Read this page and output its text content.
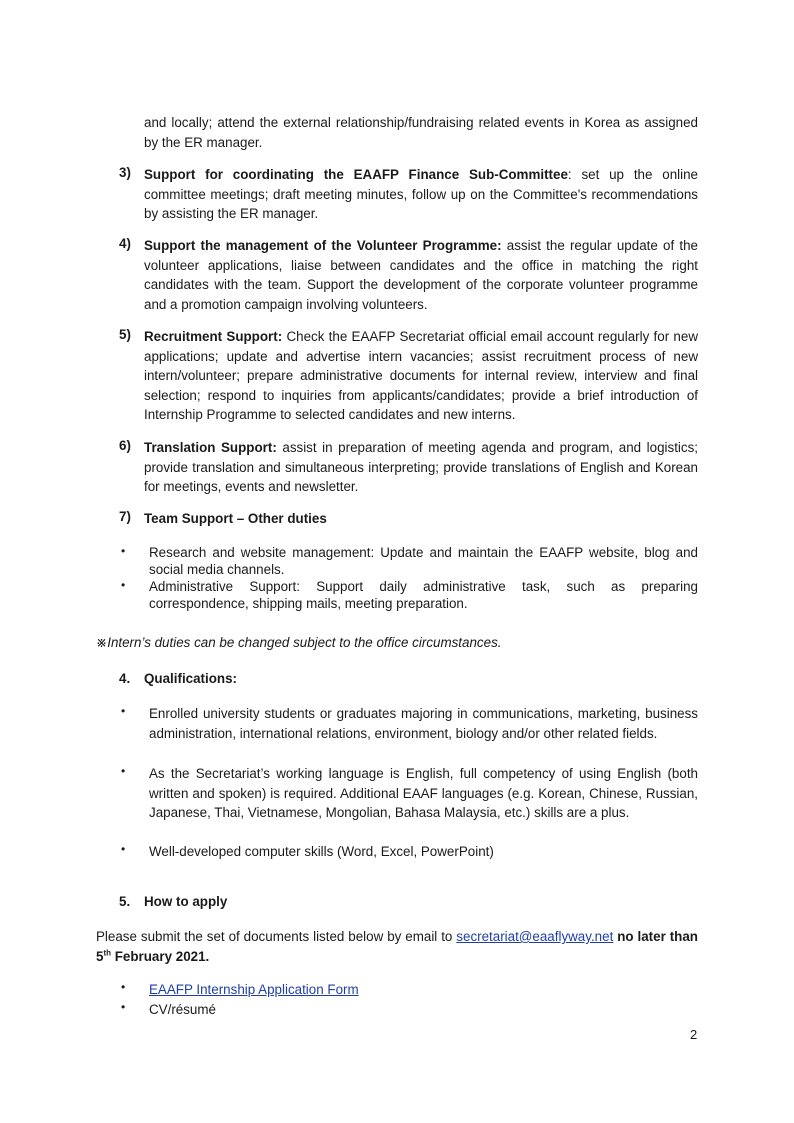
and locally; attend the external relationship/fundraising related events in Korea as assigned by the ER manager.
3) Support for coordinating the EAAFP Finance Sub-Committee: set up the online committee meetings; draft meeting minutes, follow up on the Committee's recommendations by assisting the ER manager.
4) Support the management of the Volunteer Programme: assist the regular update of the volunteer applications, liaise between candidates and the office in matching the right candidates with the team. Support the development of the corporate volunteer programme and a promotion campaign involving volunteers.
5) Recruitment Support: Check the EAAFP Secretariat official email account regularly for new applications; update and advertise intern vacancies; assist recruitment process of new intern/volunteer; prepare administrative documents for internal review, interview and final selection; respond to inquiries from applicants/candidates; provide a brief introduction of Internship Programme to selected candidates and new interns.
6) Translation Support: assist in preparation of meeting agenda and program, and logistics; provide translation and simultaneous interpreting; provide translations of English and Korean for meetings, events and newsletter.
7) Team Support – Other duties
• Research and website management: Update and maintain the EAAFP website, blog and social media channels.
• Administrative Support: Support daily administrative task, such as preparing correspondence, shipping mails, meeting preparation.
※Intern’s duties can be changed subject to the office circumstances.
4. Qualifications:
• Enrolled university students or graduates majoring in communications, marketing, business administration, international relations, environment, biology and/or other related fields.
• As the Secretariat’s working language is English, full competency of using English (both written and spoken) is required. Additional EAAF languages (e.g. Korean, Chinese, Russian, Japanese, Thai, Vietnamese, Mongolian, Bahasa Malaysia, etc.) skills are a plus.
• Well-developed computer skills (Word, Excel, PowerPoint)
5. How to apply
Please submit the set of documents listed below by email to secretariat@eaaflyway.net no later than 5th February 2021.
• EAAFP Internship Application Form
• CV/résumé
2
